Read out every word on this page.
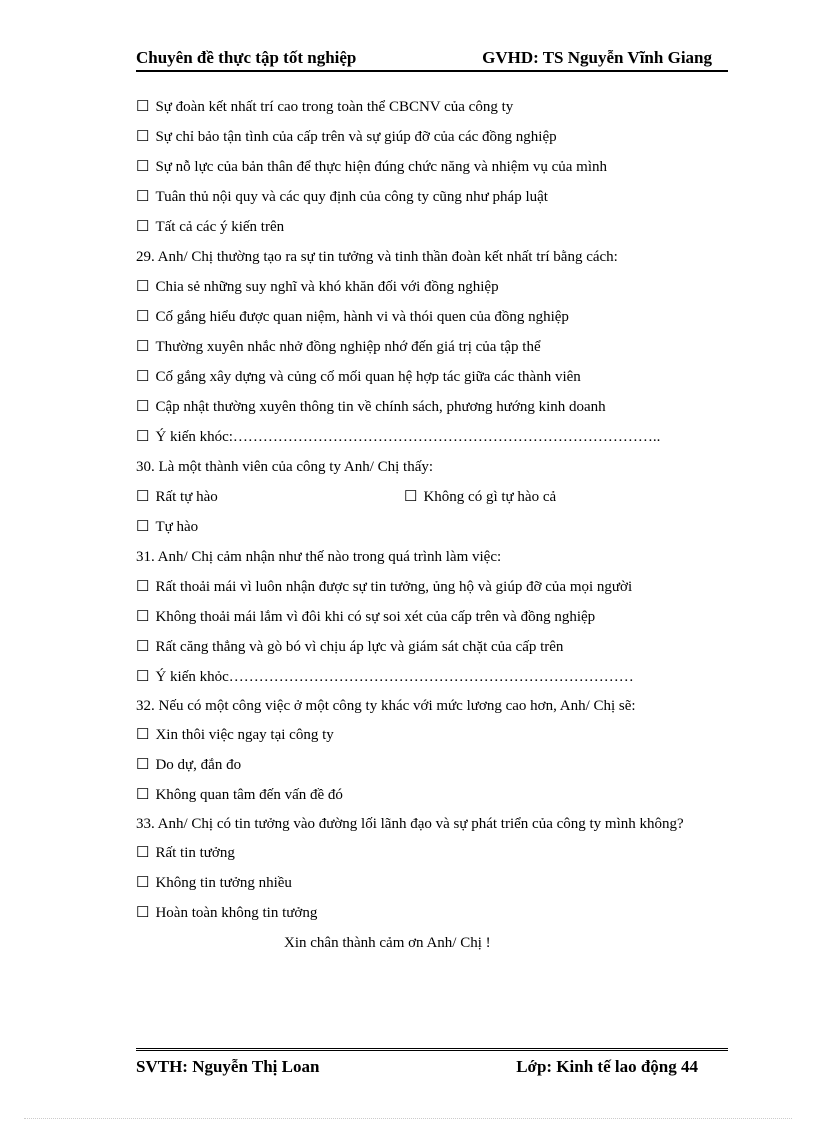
Chuyên đề thực tập tốt nghiệp	GVHD: TS Nguyễn Vĩnh Giang
☐ Sự đoàn kết nhất trí cao trong toàn thể CBCNV của công ty
☐ Sự chỉ bảo tận tình của cấp trên và sự giúp đỡ của các đồng nghiệp
☐ Sự nỗ lực của bản thân để thực hiện đúng chức năng và nhiệm vụ của mình
☐ Tuân thủ nội quy và các quy định của công ty cũng như pháp luật
☐ Tất cả các ý kiến trên
29. Anh/ Chị thường tạo ra sự tin tưởng và tinh thần đoàn kết nhất trí bằng cách:
☐ Chia sẻ những suy nghĩ và khó khăn đối với đồng nghiệp
☐ Cố gắng hiểu được quan niệm, hành vi và thói quen của đồng nghiệp
☐ Thường xuyên nhắc nhở đồng nghiệp nhớ đến giá trị của tập thể
☐ Cố gắng xây dựng và củng cố mối quan hệ hợp tác giữa các thành viên
☐ Cập nhật thường xuyên thông tin về chính sách, phương hướng kinh doanh
☐ Ý kiến khóc:…………………………………………………………………………..
30. Là một thành viên của công ty Anh/ Chị thấy:
☐ Rất tự hào	☐ Không có gì tự hào cả
☐ Tự hào
31. Anh/ Chị cảm nhận như thế nào trong quá trình làm việc:
☐ Rất thoải mái vì luôn nhận được sự tin tưởng, ủng hộ và giúp đỡ của mọi người
☐ Không thoải mái lắm vì đôi khi có sự soi xét của cấp trên và đồng nghiệp
☐ Rất căng thẳng và gò bó vì chịu áp lực và giám sát chặt của cấp trên
☐ Ý kiến khỏc………………………………………………………………………
32. Nếu có một công việc ở một công ty khác với mức lương cao hơn, Anh/ Chị sẽ:
☐ Xin thôi việc ngay tại công ty
☐ Do dự, đắn đo
☐ Không quan tâm đến vấn đề đó
33. Anh/ Chị có tin tưởng vào đường lối lãnh đạo và sự phát triển của công ty mình không?
☐ Rất tin tưởng
☐ Không tin tưởng nhiều
☐ Hoàn toàn không tin tưởng
Xin chân thành cảm ơn Anh/ Chị !
SVTH: Nguyễn Thị Loan	Lớp: Kinh tế lao động 44
